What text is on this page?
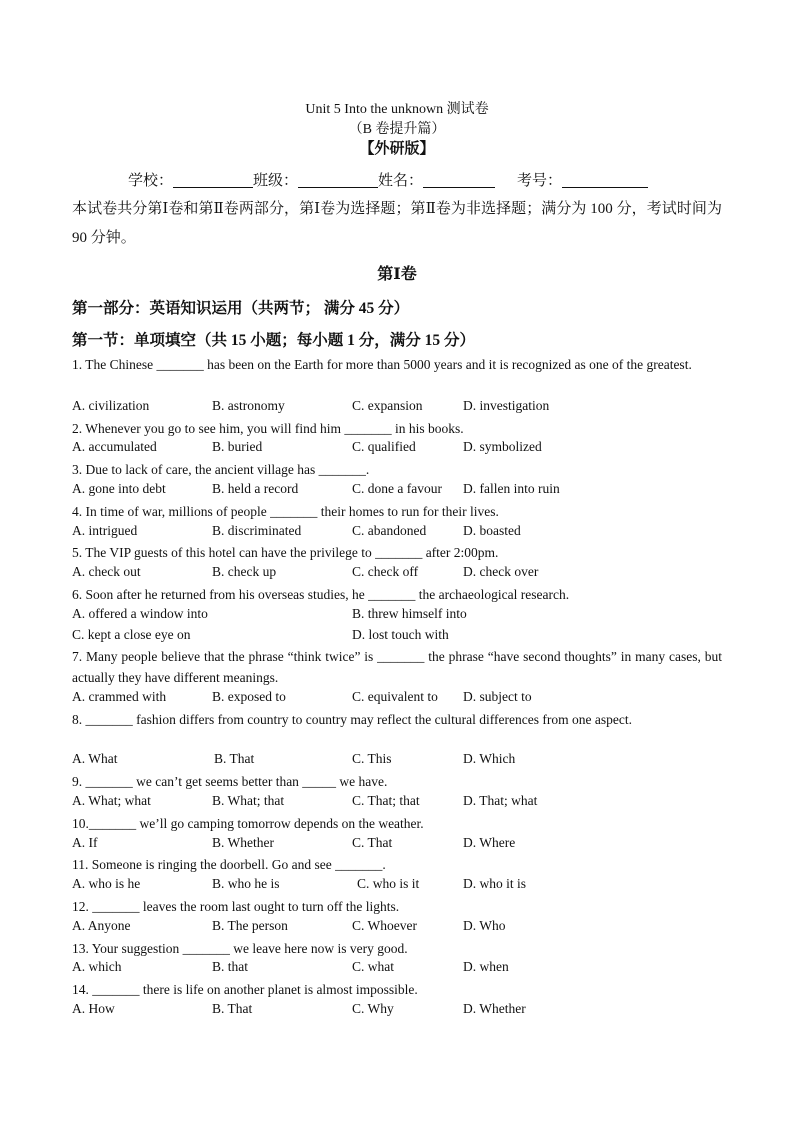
Unit 5 Into the unknown 测试卷
（B 卷提升篇）
【外研版】
学校：	班级：	姓名：	考号：
本试卷共分第Ⅰ卷和第Ⅱ卷两部分，第Ⅰ卷为选择题；第Ⅱ卷为非选择题；满分为 100 分，考试时间为 90 分钟。
第Ⅰ卷
第一部分：英语知识运用（共两节； 满分 45 分）
第一节：单项填空（共 15 小题；每小题 1 分，满分 15 分）
1. The Chinese _______ has been on the Earth for more than 5000 years and it is recognized as one of the greatest.
A. civilization	B. astronomy	C. expansion	D. investigation
2. Whenever you go to see him, you will find him _______ in his books.
A. accumulated	B. buried	C. qualified	D. symbolized
3. Due to lack of care, the ancient village has _______.
A. gone into debt	B. held a record	C. done a favour D. fallen into ruin
4. In time of war, millions of people _______ their homes to run for their lives.
A. intrigued	B. discriminated	C. abandoned	D. boasted
5. The VIP guests of this hotel can have the privilege to _______ after 2:00pm.
A. check out	B. check up	C. check off	D. check over
6. Soon after he returned from his overseas studies, he _______ the archaeological research.
A. offered a window into	B. threw himself into
C. kept a close eye on	D. lost touch with
7. Many people believe that the phrase “think twice” is _______ the phrase “have second thoughts” in many cases, but actually they have different meanings.
A. crammed with	B. exposed to	C. equivalent to D. subject to
8. _______ fashion differs from country to country may reflect the cultural differences from one aspect.
A. What	B. That	C. This	D. Which
9. _______ we can’t get seems better than _____ we have.
A. What; what	B. What; that	C. That; that	D. That; what
10._______ we’ll go camping tomorrow depends on the weather.
A. If	B. Whether	C. That	D. Where
11. Someone is ringing the doorbell. Go and see _______.
A. who is he	B. who he is	C. who is it	D. who it is
12. _______ leaves the room last ought to turn off the lights.
A. Anyone	B. The person	C. Whoever	D. Who
13. Your suggestion _______ we leave here now is very good.
A. which	B. that	C. what	D. when
14. _______ there is life on another planet is almost impossible.
A. How	B. That	C. Why	D. Whether
